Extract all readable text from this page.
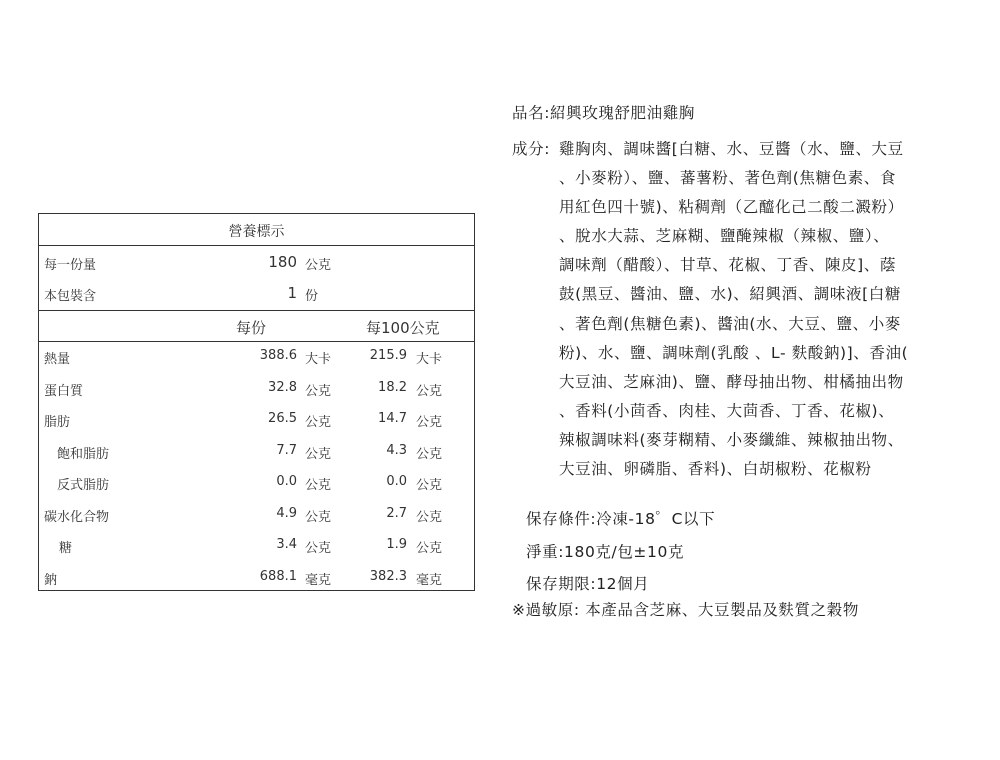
營養標示
每一份量	180 公克
本包裝含	1 份
每份	每100公克
熱量	388.6 大卡	215.9 大卡
蛋白質	32.8 公克	18.2 公克
脂肪	26.5 公克	14.7 公克
飽和脂肪	7.7 公克	4.3 公克
反式脂肪	0.0 公克	0.0 公克
碳水化合物	4.9 公克	2.7 公克
糖	3.4 公克	1.9 公克
鈉	688.1 毫克	382.3 毫克
品名:紹興玫瑰舒肥油雞胸
成分: 雞胸肉、調味醬[白糖、水、豆醬（水、鹽、大豆
、小麥粉）、鹽、蕃薯粉、著色劑(焦糖色素、食
用紅色四十號)、粘稠劑（乙醯化己二酸二澱粉）
、脫水大蒜、芝麻糊、鹽醃辣椒（辣椒、鹽）、
調味劑（醋酸）、甘草、花椒、丁香、陳皮]、蔭
鼓(黑豆、醬油、鹽、水)、紹興酒、調味液[白糖
、著色劑(焦糖色素)、醬油(水、大豆、鹽、小麥
粉)、水、鹽、調味劑(乳酸 、L- 麩酸鈉)]、香油(
大豆油、芝麻油)、鹽、酵母抽出物、柑橘抽出物
、香料(小茴香、肉桂、大茴香、丁香、花椒)、
辣椒調味料(麥芽糊精、小麥纖維、辣椒抽出物、
大豆油、卵磷脂、香料)、白胡椒粉、花椒粉
保存條件:冷凍-18゜C以下
淨重:180克/包±10克
保存期限:12個月
※過敏原: 本產品含芝麻、大豆製品及麩質之穀物
